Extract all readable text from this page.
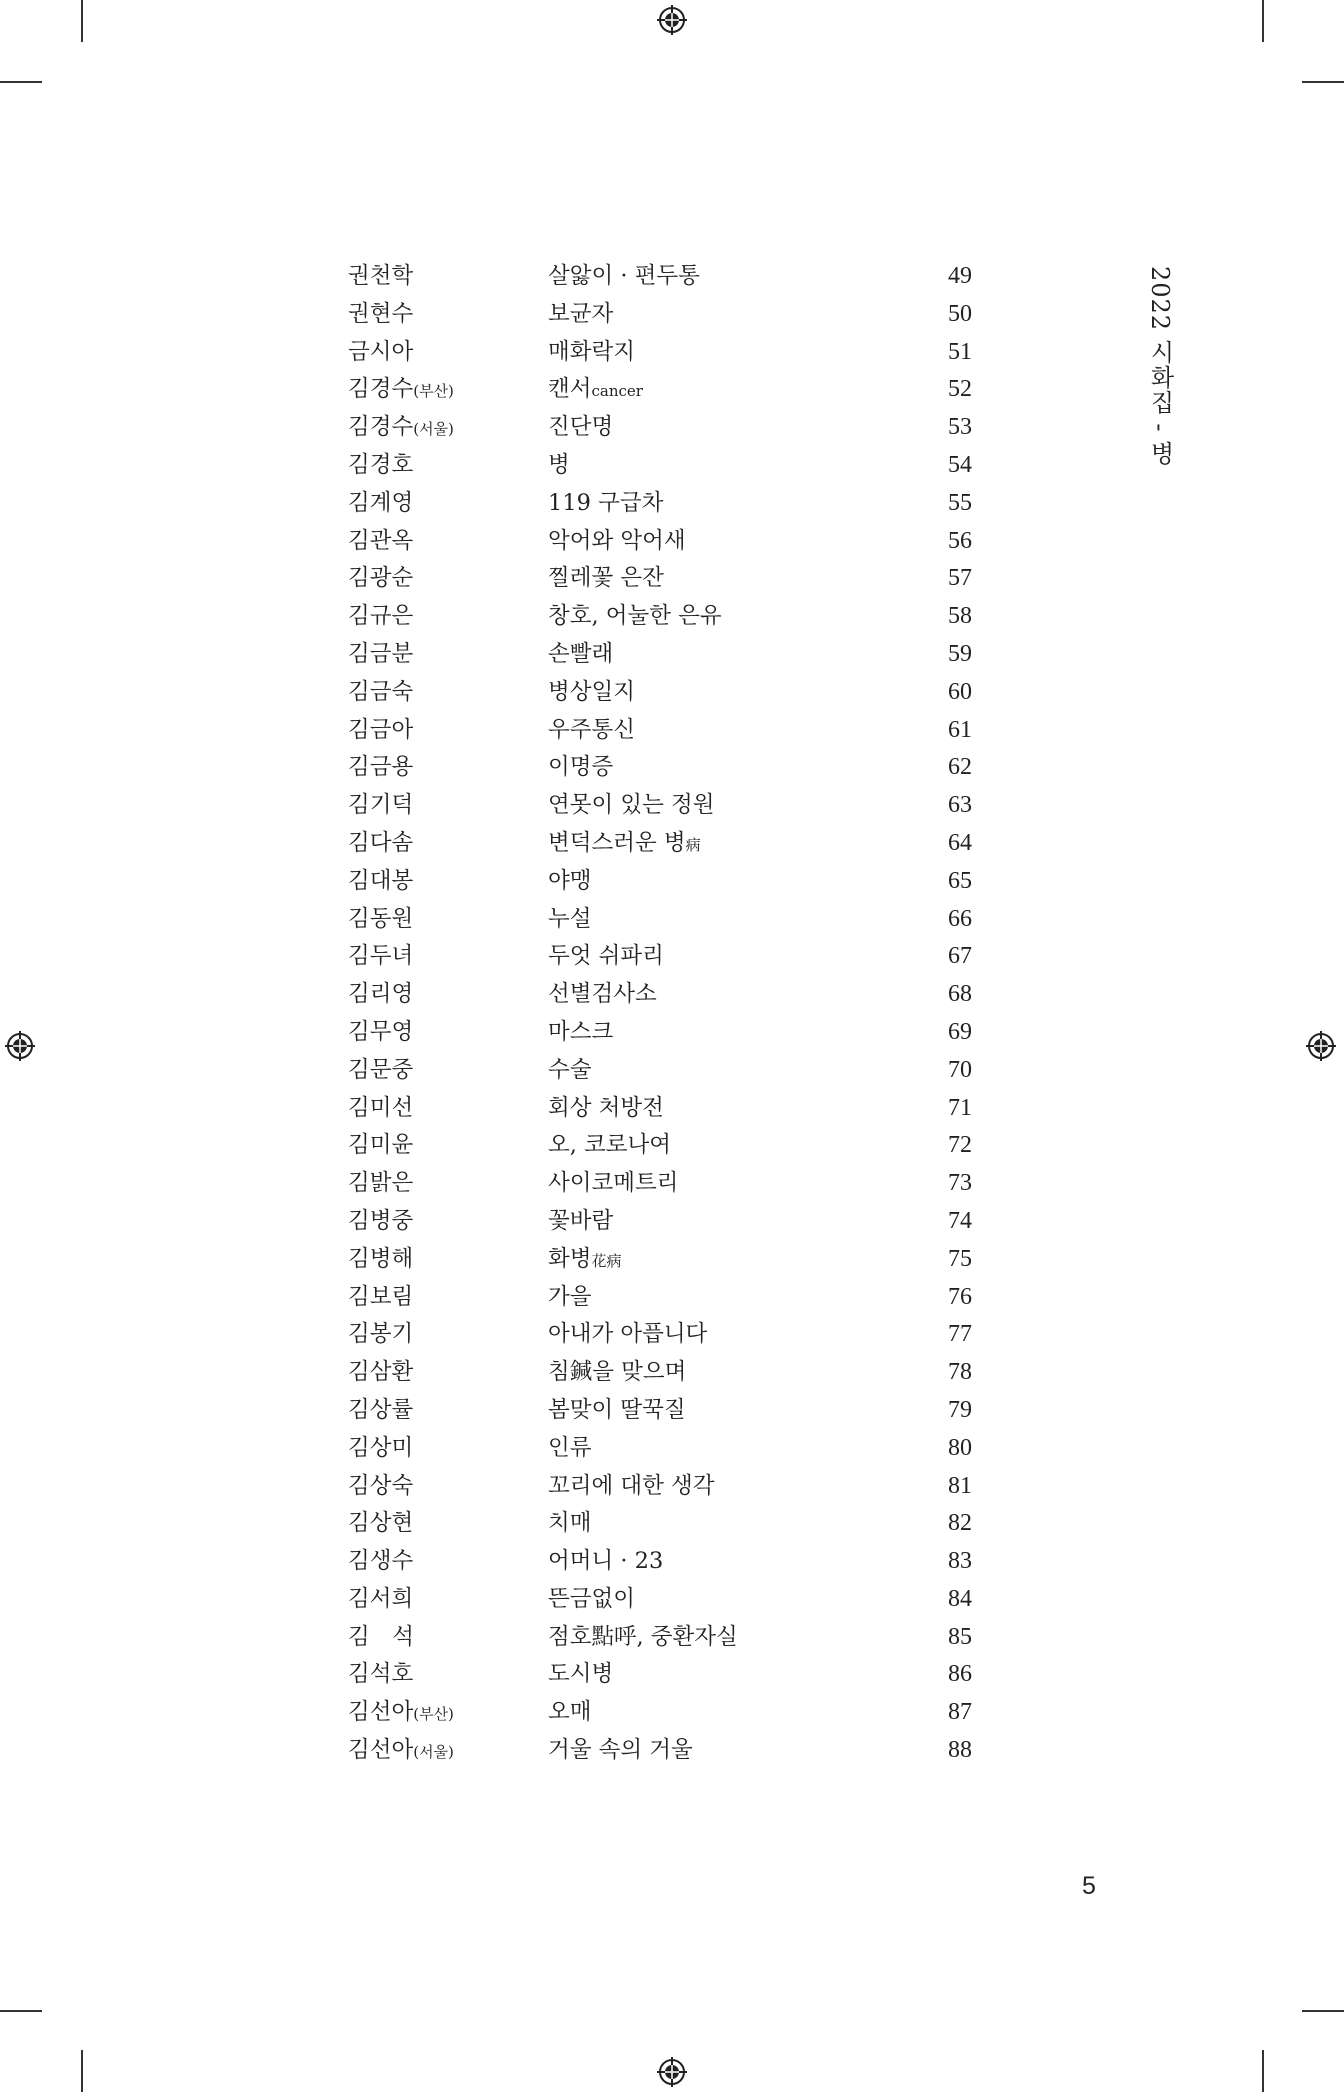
권천학	살앓이 · 편두통	49
권현수	보균자	50
금시아	매화락지	51
김경수(부산)	캔서cancer	52
김경수(서울)	진단명	53
김경호	병	54
김계영	119 구급차	55
김관옥	악어와 악어새	56
김광순	찔레꽃 은잔	57
김규은	창호, 어눌한 은유	58
김금분	손빨래	59
김금숙	병상일지	60
김금아	우주통신	61
김금용	이명증	62
김기덕	연못이 있는 정원	63
김다솜	변덕스러운 병病	64
김대봉	야맹	65
김동원	누설	66
김두녀	두엇 쉬파리	67
김리영	선별검사소	68
김무영	마스크	69
김문중	수술	70
김미선	회상 처방전	71
김미윤	오, 코로나여	72
김밝은	사이코메트리	73
김병중	꽃바람	74
김병해	화병花病	75
김보림	가을	76
김봉기	아내가 아픕니다	77
김삼환	침鍼을 맞으며	78
김상률	봄맞이 딸꾹질	79
김상미	인류	80
김상숙	꼬리에 대한 생각	81
김상현	치매	82
김생수	어머니 · 23	83
김서희	뜬금없이	84
김　석	점호點呼, 중환자실	85
김석호	도시병	86
김선아(부산)	오매	87
김선아(서울)	거울 속의 거울	88
2022 시화집 - 병
5
